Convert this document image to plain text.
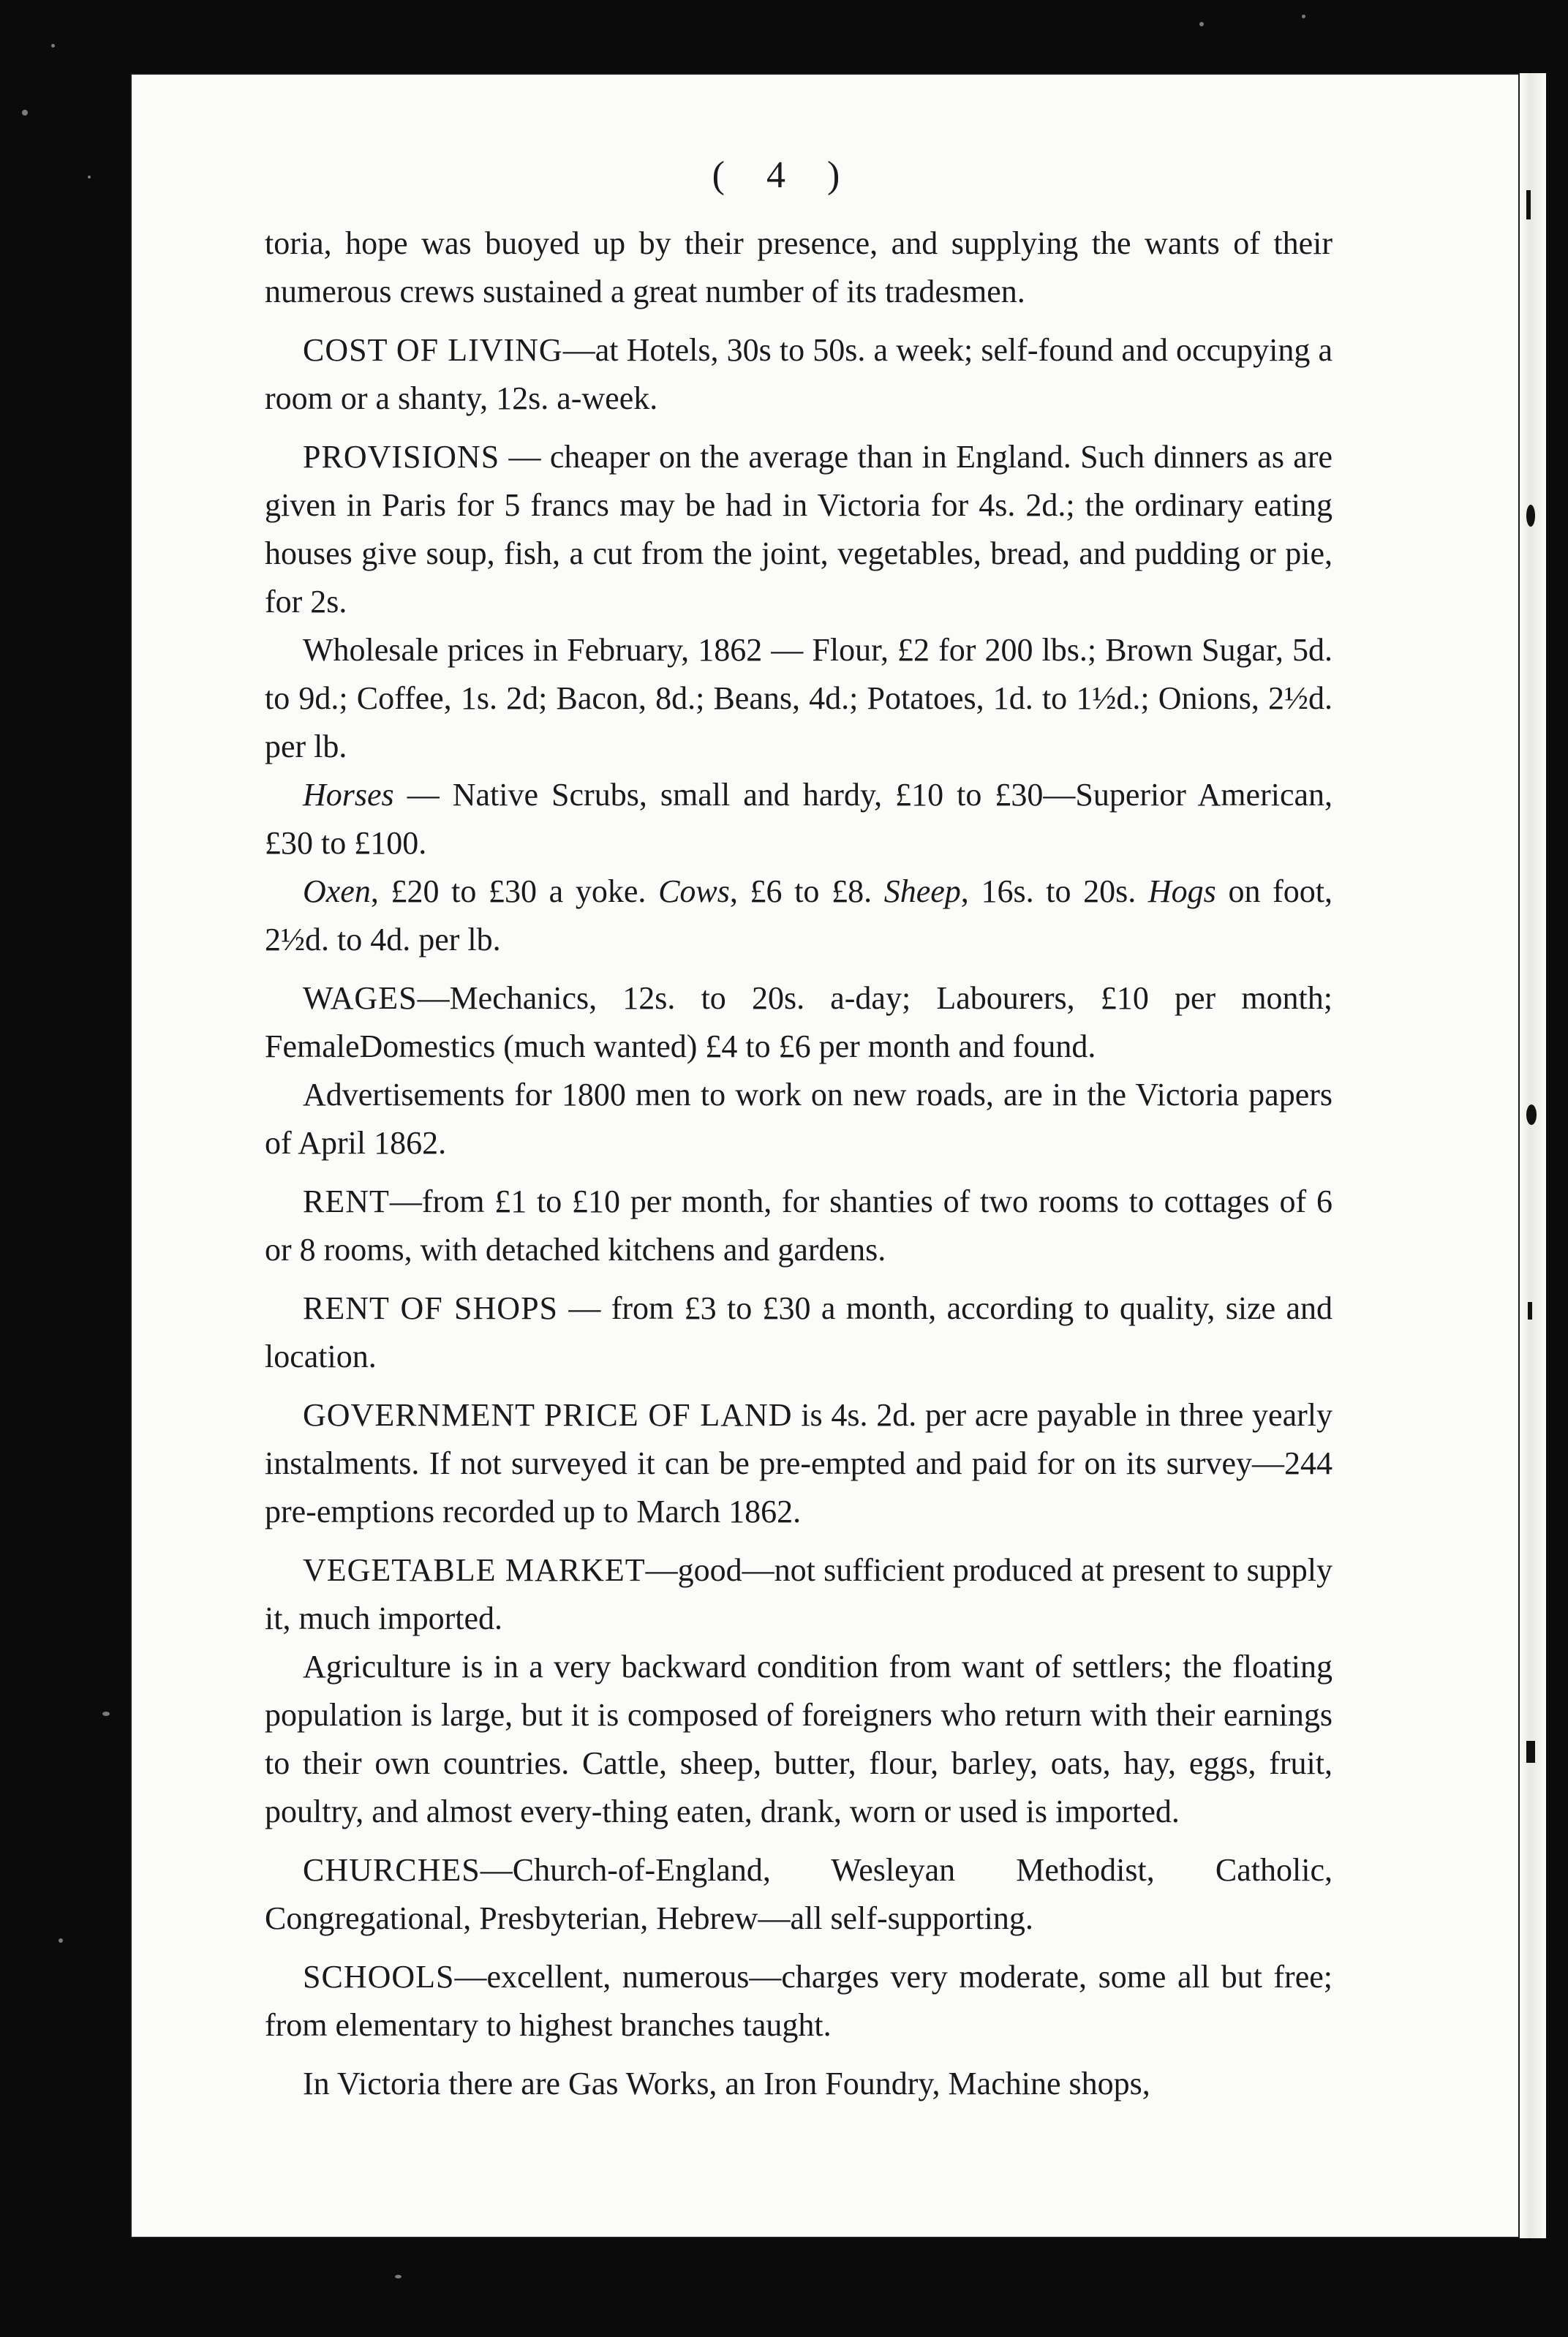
( 4 )

toria, hope was buoyed up by their presence, and supplying the wants of their numerous crews sustained a great number of its tradesmen.

COST OF LIVING—at Hotels, 30s to 50s. a week; self-found and occupying a room or a shanty, 12s. a-week.

PROVISIONS — cheaper on the average than in England. Such dinners as are given in Paris for 5 francs may be had in Victoria for 4s. 2d.; the ordinary eating houses give soup, fish, a cut from the joint, vegetables, bread, and pudding or pie, for 2s.

Wholesale prices in February, 1862 — Flour, £2 for 200 lbs.; Brown Sugar, 5d. to 9d.; Coffee, 1s. 2d; Bacon, 8d.; Beans, 4d.; Potatoes, 1d. to 1½d.; Onions, 2½d. per lb.

Horses — Native Scrubs, small and hardy, £10 to £30—Superior American, £30 to £100.

Oxen, £20 to £30 a yoke. Cows, £6 to £8. Sheep, 16s. to 20s. Hogs on foot, 2½d. to 4d. per lb.

WAGES—Mechanics, 12s. to 20s. a-day; Labourers, £10 per month; FemaleDomestics (much wanted) £4 to £6 per month and found.

Advertisements for 1800 men to work on new roads, are in the Victoria papers of April 1862.

RENT—from £1 to £10 per month, for shanties of two rooms to cottages of 6 or 8 rooms, with detached kitchens and gardens.

RENT OF SHOPS — from £3 to £30 a month, according to quality, size and location.

GOVERNMENT PRICE OF LAND is 4s. 2d. per acre payable in three yearly instalments. If not surveyed it can be pre-empted and paid for on its survey—244 pre-emptions recorded up to March 1862.

VEGETABLE MARKET—good—not sufficient produced at present to supply it, much imported.

Agriculture is in a very backward condition from want of settlers; the floating population is large, but it is composed of foreigners who return with their earnings to their own countries. Cattle, sheep, butter, flour, barley, oats, hay, eggs, fruit, poultry, and almost every-thing eaten, drank, worn or used is imported.

CHURCHES—Church-of-England, Wesleyan Methodist, Catholic, Congregational, Presbyterian, Hebrew—all self-supporting.

SCHOOLS—excellent, numerous—charges very moderate, some all but free; from elementary to highest branches taught.

In Victoria there are Gas Works, an Iron Foundry, Machine shops,
